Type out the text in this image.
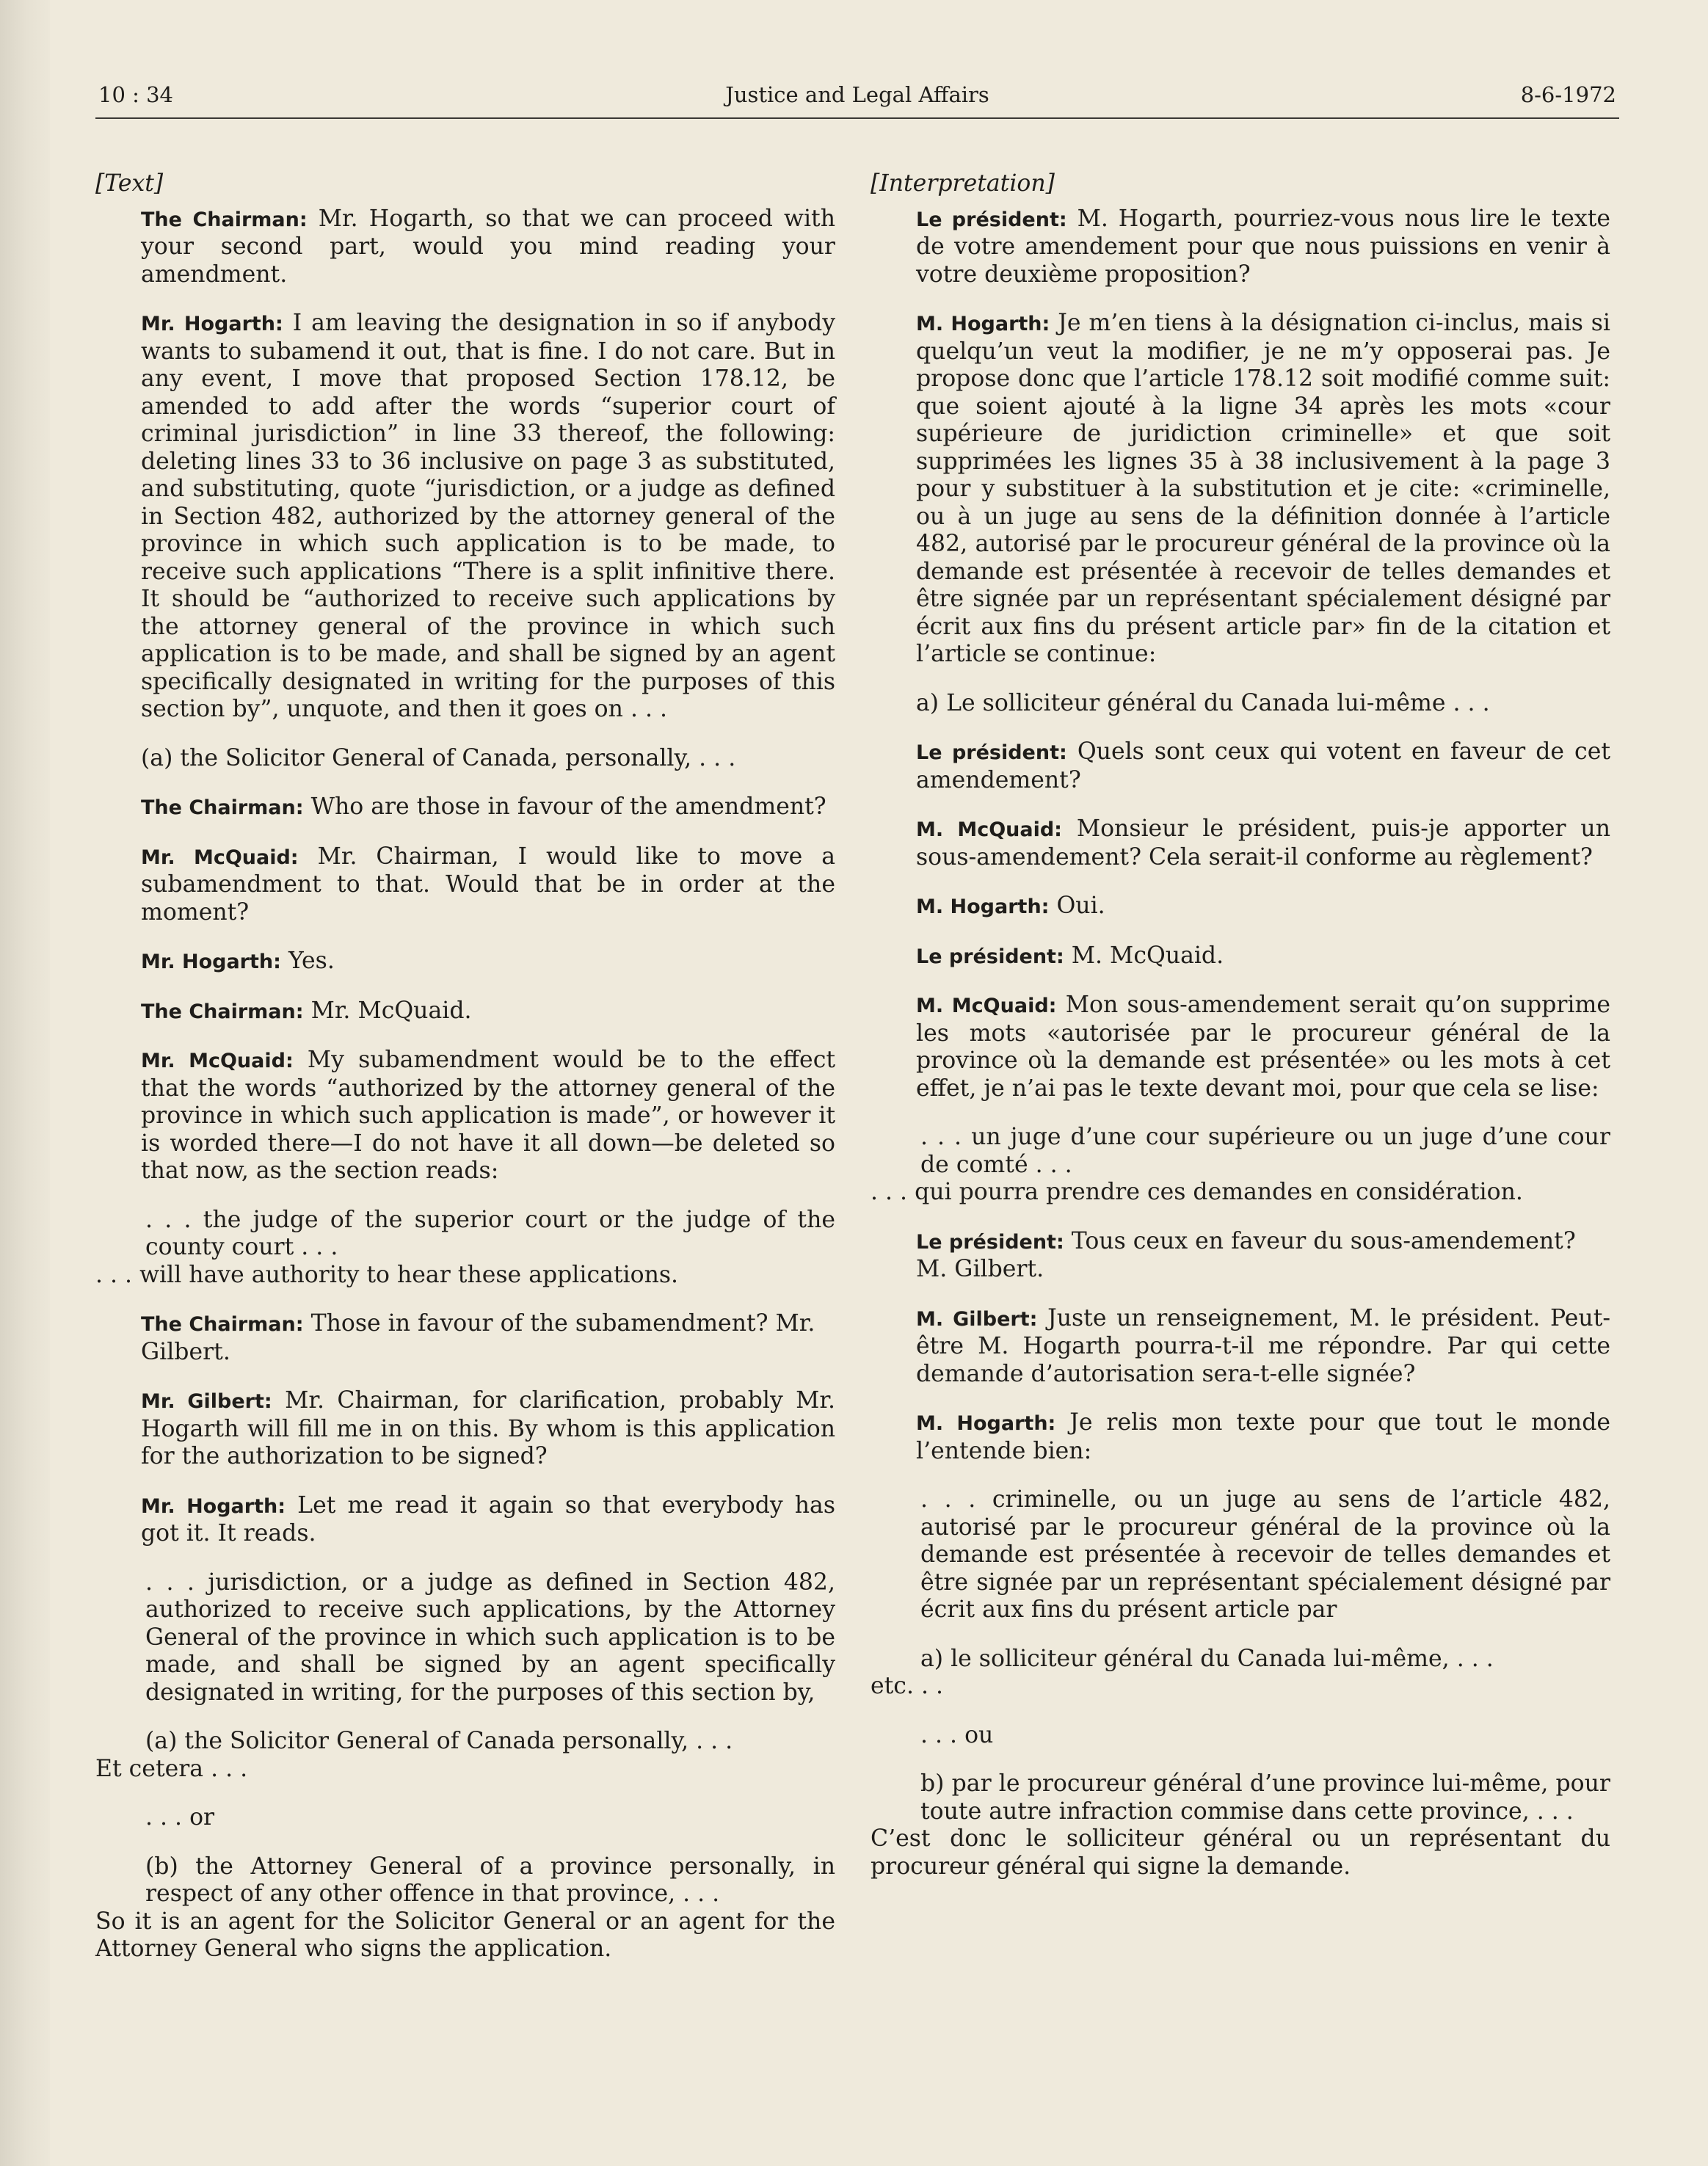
10 : 34	Justice and Legal Affairs	8-6-1972

[Text]

The Chairman: Mr. Hogarth, so that we can proceed with your second part, would you mind reading your amendment.

Mr. Hogarth: I am leaving the designation in so if anybody wants to subamend it out, that is fine. I do not care. But in any event, I move that proposed Section 178.12, be amended to add after the words “superior court of criminal jurisdiction” in line 33 thereof, the following: deleting lines 33 to 36 inclusive on page 3 as substituted, and substituting, quote “jurisdiction, or a judge as defined in Section 482, authorized by the attorney general of the province in which such application is to be made, to receive such applications “There is a split infinitive there. It should be “authorized to receive such applications by the attorney general of the province in which such application is to be made, and shall be signed by an agent specifically designated in writing for the purposes of this section by”, unquote, and then it goes on . . .

(a) the Solicitor General of Canada, personally, . . .

The Chairman: Who are those in favour of the amendment?

Mr. McQuaid: Mr. Chairman, I would like to move a subamendment to that. Would that be in order at the moment?

Mr. Hogarth: Yes.

The Chairman: Mr. McQuaid.

Mr. McQuaid: My subamendment would be to the effect that the words “authorized by the attorney general of the province in which such application is made”, or however it is worded there—I do not have it all down—be deleted so that now, as the section reads:

. . . the judge of the superior court or the judge of the county court . . .

. . . will have authority to hear these applications.

The Chairman: Those in favour of the subamendment? Mr. Gilbert.

Mr. Gilbert: Mr. Chairman, for clarification, probably Mr. Hogarth will fill me in on this. By whom is this application for the authorization to be signed?

Mr. Hogarth: Let me read it again so that everybody has got it. It reads.

. . . jurisdiction, or a judge as defined in Section 482, authorized to receive such applications, by the Attorney General of the province in which such application is to be made, and shall be signed by an agent specifically designated in writing, for the purposes of this section by,

(a) the Solicitor General of Canada personally, . . .

Et cetera . . .

. . . or

(b) the Attorney General of a province personally, in respect of any other offence in that province, . . .

So it is an agent for the Solicitor General or an agent for the Attorney General who signs the application.

[Interpretation]

Le président: M. Hogarth, pourriez-vous nous lire le texte de votre amendement pour que nous puissions en venir à votre deuxième proposition?

M. Hogarth: Je m’en tiens à la désignation ci-inclus, mais si quelqu’un veut la modifier, je ne m’y opposerai pas. Je propose donc que l’article 178.12 soit modifié comme suit: que soient ajouté à la ligne 34 après les mots «cour supérieure de juridiction criminelle» et que soit supprimées les lignes 35 à 38 inclusivement à la page 3 pour y substituer à la substitution et je cite: «criminelle, ou à un juge au sens de la définition donnée à l’article 482, autorisé par le procureur général de la province où la demande est présentée à recevoir de telles demandes et être signée par un représentant spécialement désigné par écrit aux fins du présent article par» fin de la citation et l’article se continue:

a) Le solliciteur général du Canada lui-même . . .

Le président: Quels sont ceux qui votent en faveur de cet amendement?

M. McQuaid: Monsieur le président, puis-je apporter un sous-amendement? Cela serait-il conforme au règlement?

M. Hogarth: Oui.

Le président: M. McQuaid.

M. McQuaid: Mon sous-amendement serait qu’on supprime les mots «autorisée par le procureur général de la province où la demande est présentée» ou les mots à cet effet, je n’ai pas le texte devant moi, pour que cela se lise:

. . . un juge d’une cour supérieure ou un juge d’une cour de comté . . .

. . . qui pourra prendre ces demandes en considération.

Le président: Tous ceux en faveur du sous-amendement? M. Gilbert.

M. Gilbert: Juste un renseignement, M. le président. Peut-être M. Hogarth pourra-t-il me répondre. Par qui cette demande d’autorisation sera-t-elle signée?

M. Hogarth: Je relis mon texte pour que tout le monde l’entende bien:

. . . criminelle, ou un juge au sens de l’article 482, autorisé par le procureur général de la province où la demande est présentée à recevoir de telles demandes et être signée par un représentant spécialement désigné par écrit aux fins du présent article par

a) le solliciteur général du Canada lui-même, . . .

etc. . .

. . . ou

b) par le procureur général d’une province lui-même, pour toute autre infraction commise dans cette province, . . .

C’est donc le solliciteur général ou un représentant du procureur général qui signe la demande.
